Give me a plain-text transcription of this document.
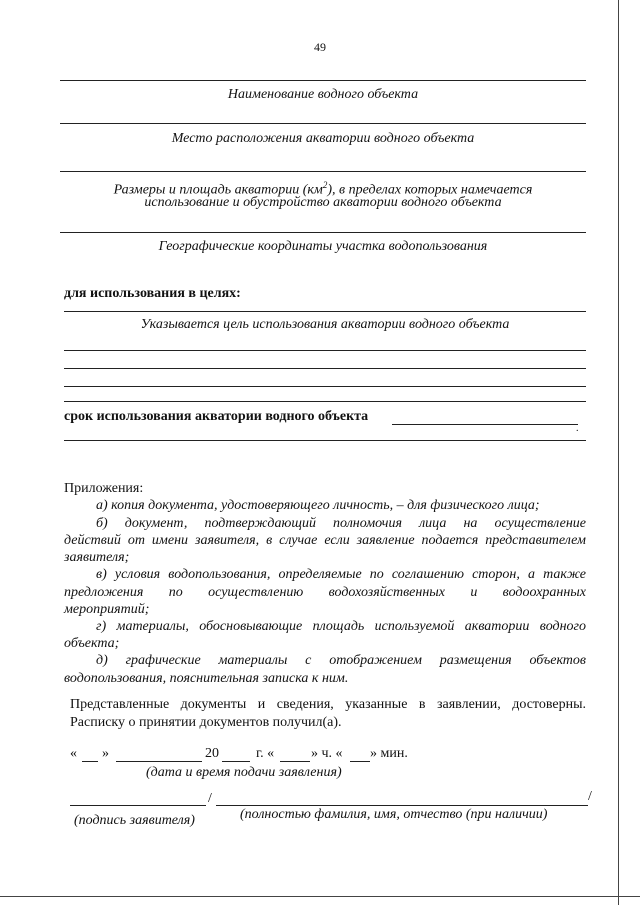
49
Наименование водного объекта
Место расположения акватории водного объекта
Размеры и площадь акватории $(км^2)$, в пределах которых намечается
использование и обустройство акватории водного объекта
Географические координаты участка водопользования
для использования в целях:
Указывается цель использования акватории водного объекта
срок использования акватории водного объекта
.
Приложения:
а) копия документа, удостоверяющего личность, – для физического лица;
б) документ, подтверждающий полномочия лица на осуществление
действий от имени заявителя, в случае если заявление подается представителем
заявителя;
в) условия водопользования, определяемые по соглашению сторон, а также
предложения по осуществлению водохозяйственных и водоохранных
мероприятий;
г) материалы, обосновывающие площадь используемой акватории водного
объекта;
д) графические материалы с отображением размещения объектов
водопользования, пояснительная записка к ним.
Представленные документы и сведения, указанные в заявлении, достоверны.
Расписку о принятии документов получил(а).
« »	20	г. «	» ч. « » мин.
(дата и время подачи заявления)
/	/
(подпись заявителя)	(полностью фамилия, имя, отчество (при наличии)
